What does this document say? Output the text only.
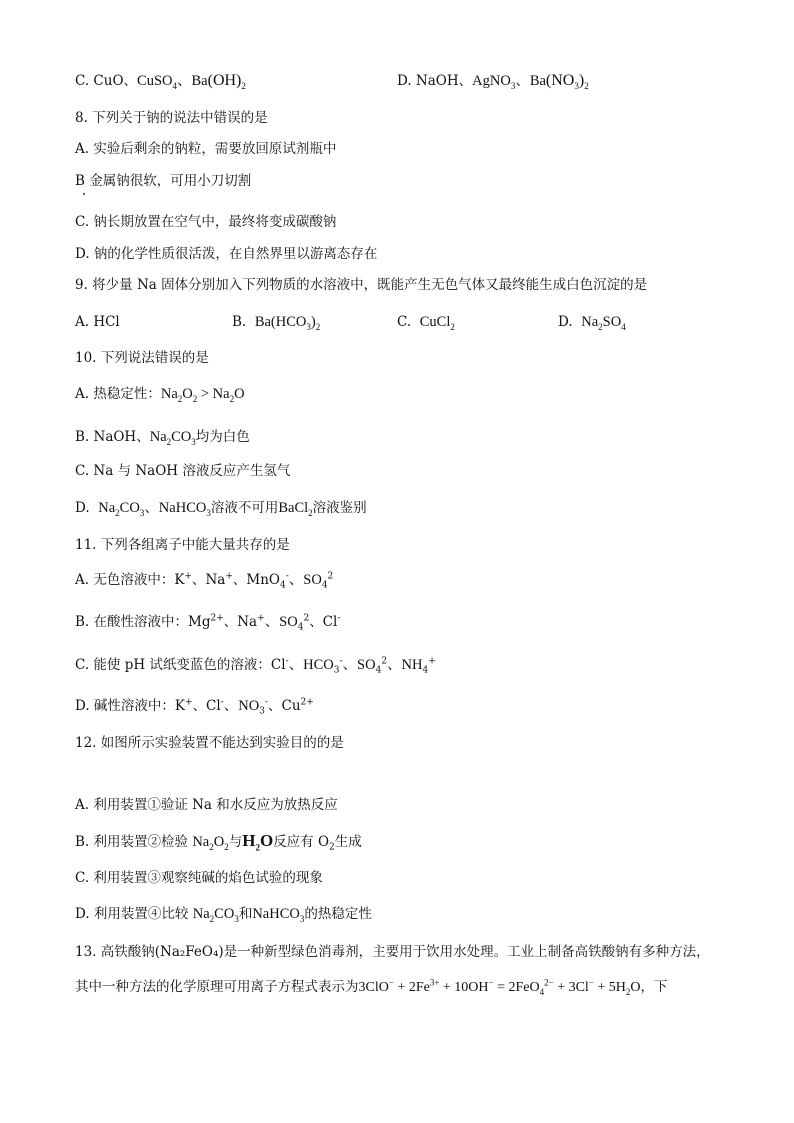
C. CuO、CuSO$_4$、$Ba(OH)_2$	D. NaOH、AgNO$_3$、$Ba(NO_3)_2$
8. 下列关于钠的说法中错误的是
A. 实验后剩余的钠粒，需要放回原试剂瓶中
B 金属钠很软，可用小刀切割
C. 钠长期放置在空气中，最终将变成碳酸钠
D. 钠的化学性质很活泼，在自然界里以游离态存在
9. 将少量 Na 固体分别加入下列物质的水溶液中，既能产生无色气体又最终能生成白色沉淀的是
A. HCl	B. $Ba(HCO_3)_2$	C. CuCl$_2$	D. $Na_2SO_4$
10. 下列说法错误的是
A. 热稳定性：$Na_2O_2 > Na_2O$
B. NaOH、$Na_2CO_3$均为白色
C. Na 与 NaOH 溶液反应产生氢气
D. $Na_2CO_3$、NaHCO$_3$溶液不可用BaCl$_2$溶液鉴别
11. 下列各组离子中能大量共存的是
A. 无色溶液中：K+、Na+、MnO$_4$-、$SO_4^2$
B. 在酸性溶液中：$Mg^{2+}$、Na+、$SO_4^2$、Cl-
C. 能使 pH 试纸变蓝色的溶液：Cl-、$HCO_3^-$、$SO_4^2$、$NH_4^+$
D. 碱性溶液中：K+、Cl-、$NO_3^-$、$Cu^{2+}$
12. 如图所示实验装置不能达到实验目的的是
A. 利用装置①验证 Na 和水反应为放热反应
B. 利用装置②检验 $Na_2O_2$与$H_2O$反应有 $O_2$生成
C. 利用装置③观察纯碱的焰色试验的现象
D. 利用装置④比较 $Na_2CO_3$和NaHCO$_3$的热稳定性
13. 高铁酸钠(Na₂FeO₄)是一种新型绿色消毒剂，主要用于饮用水处理。工业上制备高铁酸钠有多种方法，
其中一种方法的化学原理可用离子方程式表示为$3ClO^- + 2Fe^{3+} + 10OH^- = 2FeO_4^{2-} + 3Cl^- + 5H_2O$，下
